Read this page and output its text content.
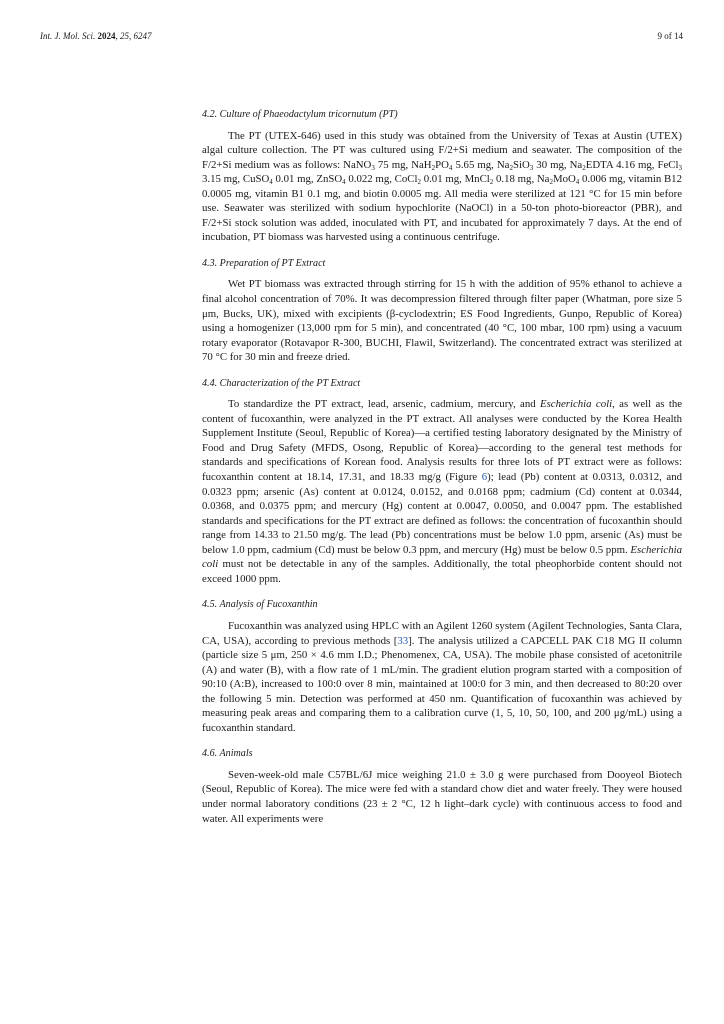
Int. J. Mol. Sci. 2024, 25, 6247	9 of 14
4.2. Culture of Phaeodactylum tricornutum (PT)

The PT (UTEX-646) used in this study was obtained from the University of Texas at Austin (UTEX) algal culture collection. The PT was cultured using F/2+Si medium and seawater. The composition of the F/2+Si medium was as follows: NaNO$_3$ 75 mg, $NaH_2PO_4$ 5.65 mg, $Na_2SiO_3$ 30 mg, $Na_2EDTA$ 4.16 mg, FeCl$_3$ 3.15 mg, CuSO$_4$ 0.01 mg, ZnSO$_4$ 0.022 mg, CoCl$_2$ 0.01 mg, MnCl$_2$ 0.18 mg, $Na_2MoO_4$ 0.006 mg, vitamin B12 0.0005 mg, vitamin B1 0.1 mg, and biotin 0.0005 mg. All media were sterilized at 121 °C for 15 min before use. Seawater was sterilized with sodium hypochlorite (NaOCl) in a 50-ton photo-bioreactor (PBR), and F/2+Si stock solution was added, inoculated with PT, and incubated for approximately 7 days. At the end of incubation, PT biomass was harvested using a continuous centrifuge.

4.3. Preparation of PT Extract

Wet PT biomass was extracted through stirring for 15 h with the addition of 95% ethanol to achieve a final alcohol concentration of 70%. It was decompression filtered through filter paper (Whatman, pore size 5 μm, Bucks, UK), mixed with excipients (β-cyclodextrin; ES Food Ingredients, Gunpo, Republic of Korea) using a homogenizer (13,000 rpm for 5 min), and concentrated (40 °C, 100 mbar, 100 rpm) using a vacuum rotary evaporator (Rotavapor R-300, BUCHI, Flawil, Switzerland). The concentrated extract was sterilized at 70 °C for 30 min and freeze dried.

4.4. Characterization of the PT Extract

To standardize the PT extract, lead, arsenic, cadmium, mercury, and Escherichia coli, as well as the content of fucoxanthin, were analyzed in the PT extract. All analyses were conducted by the Korea Health Supplement Institute (Seoul, Republic of Korea)—a certified testing laboratory designated by the Ministry of Food and Drug Safety (MFDS, Osong, Republic of Korea)—according to the general test methods for standards and specifications of Korean food. Analysis results for three lots of PT extract were as follows: fucoxanthin content at 18.14, 17.31, and 18.33 mg/g (Figure 6); lead (Pb) content at 0.0313, 0.0312, and 0.0323 ppm; arsenic (As) content at 0.0124, 0.0152, and 0.0168 ppm; cadmium (Cd) content at 0.0344, 0.0368, and 0.0375 ppm; and mercury (Hg) content at 0.0047, 0.0050, and 0.0047 ppm. The established standards and specifications for the PT extract are defined as follows: the concentration of fucoxanthin should range from 14.33 to 21.50 mg/g. The lead (Pb) concentrations must be below 1.0 ppm, arsenic (As) must be below 1.0 ppm, cadmium (Cd) must be below 0.3 ppm, and mercury (Hg) must be below 0.5 ppm. Escherichia coli must not be detectable in any of the samples. Additionally, the total pheophorbide content should not exceed 1000 ppm.

4.5. Analysis of Fucoxanthin

Fucoxanthin was analyzed using HPLC with an Agilent 1260 system (Agilent Technologies, Santa Clara, CA, USA), according to previous methods [33]. The analysis utilized a CAPCELL PAK C18 MG II column (particle size 5 μm, 250 × 4.6 mm I.D.; Phenomenex, CA, USA). The mobile phase consisted of acetonitrile (A) and water (B), with a flow rate of 1 mL/min. The gradient elution program started with a composition of 90:10 (A:B), increased to 100:0 over 8 min, maintained at 100:0 for 3 min, and then decreased to 80:20 over the following 5 min. Detection was performed at 450 nm. Quantification of fucoxanthin was achieved by measuring peak areas and comparing them to a calibration curve (1, 5, 10, 50, 100, and 200 μg/mL) using a fucoxanthin standard.

4.6. Animals

Seven-week-old male C57BL/6J mice weighing 21.0 ± 3.0 g were purchased from Dooyeol Biotech (Seoul, Republic of Korea). The mice were fed with a standard chow diet and water freely. They were housed under normal laboratory conditions (23 ± 2 °C, 12 h light–dark cycle) with continuous access to food and water. All experiments were
